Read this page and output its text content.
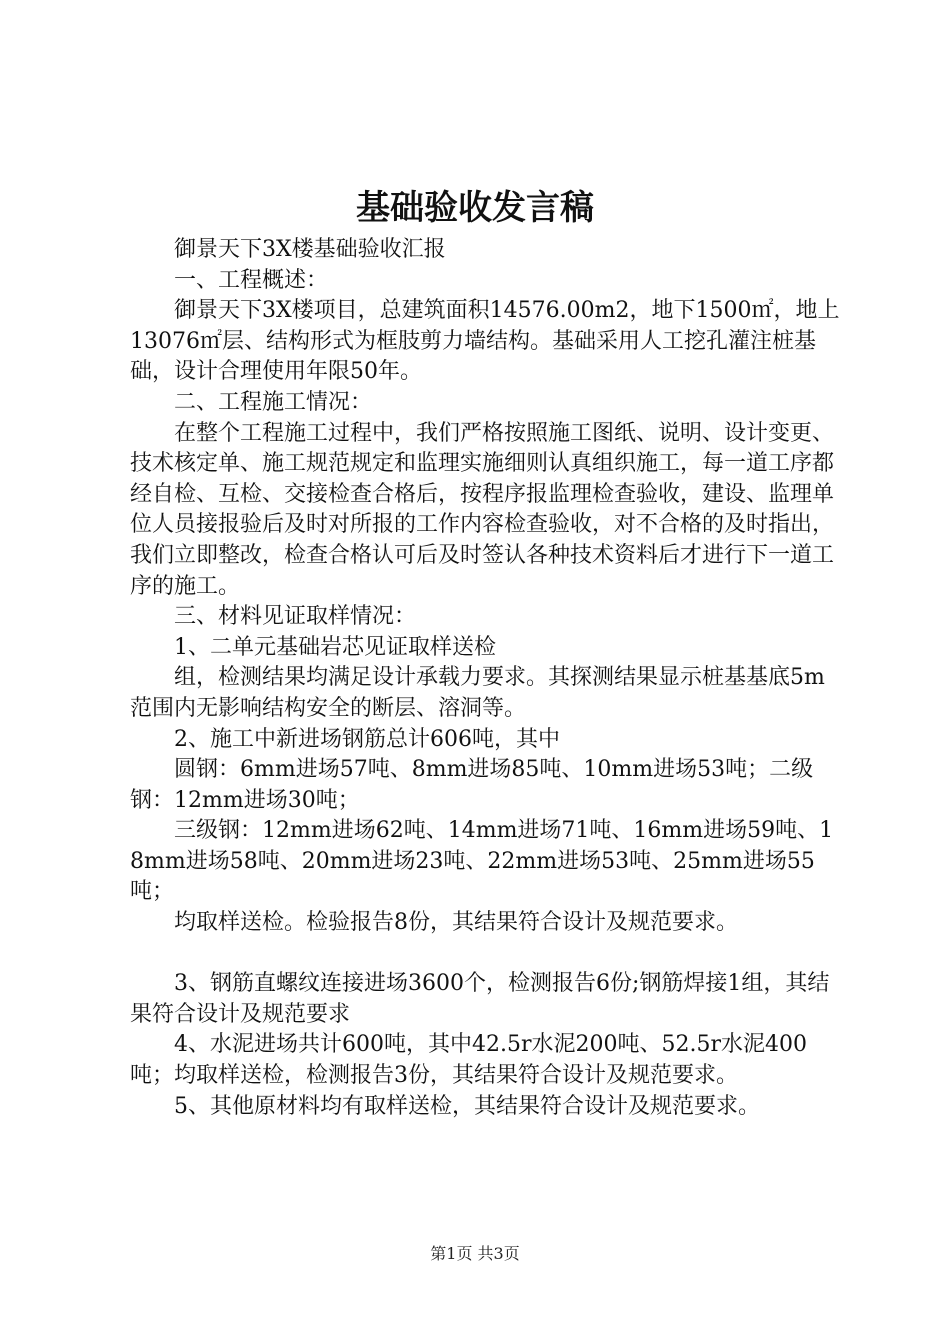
基础验收发言稿

御景天下3X楼基础验收汇报

一、工程概述：

御景天下3X楼项目，总建筑面积14576.00m2，地下1500㎡，地上13076㎡层、结构形式为框肢剪力墙结构。基础采用人工挖孔灌注桩基础，设计合理使用年限50年。

二、工程施工情况：

在整个工程施工过程中，我们严格按照施工图纸、说明、设计变更、技术核定单、施工规范规定和监理实施细则认真组织施工，每一道工序都经自检、互检、交接检查合格后，按程序报监理检查验收，建设、监理单位人员接报验后及时对所报的工作内容检查验收，对不合格的及时指出，我们立即整改，检查合格认可后及时签认各种技术资料后才进行下一道工序的施工。

三、材料见证取样情况：

1、二单元基础岩芯见证取样送检

组，检测结果均满足设计承载力要求。其探测结果显示桩基基底5m范围内无影响结构安全的断层、溶洞等。

2、施工中新进场钢筋总计606吨，其中

圆钢：6mm进场57吨、8mm进场85吨、10mm进场53吨；二级钢：12mm进场30吨；

三级钢：12mm进场62吨、14mm进场71吨、16mm进场59吨、18mm进场58吨、20mm进场23吨、22mm进场53吨、25mm进场55吨；

均取样送检。检验报告8份，其结果符合设计及规范要求。

3、钢筋直螺纹连接进场3600个，检测报告6份;钢筋焊接1组，其结果符合设计及规范要求

4、水泥进场共计600吨，其中42.5r水泥200吨、52.5r水泥400吨；均取样送检，检测报告3份，其结果符合设计及规范要求。

5、其他原材料均有取样送检，其结果符合设计及规范要求。

第1页 共3页
